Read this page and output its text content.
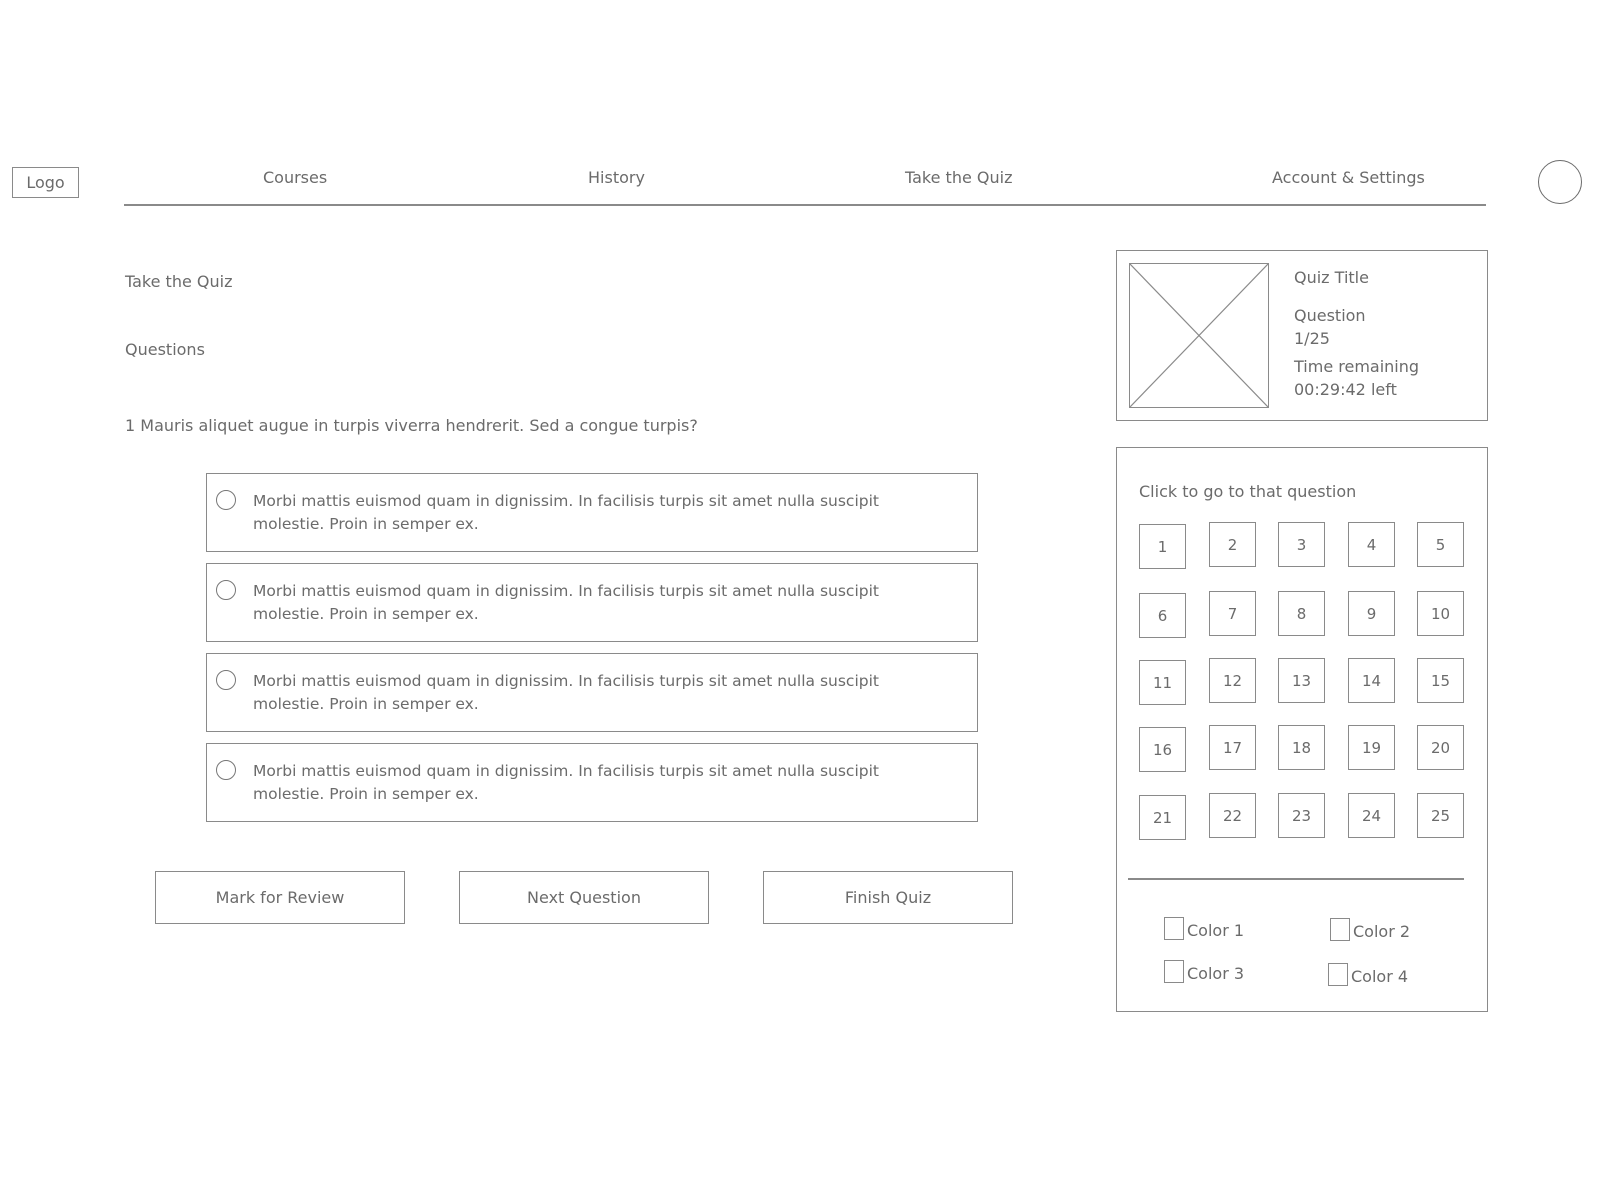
Logo	Courses	History	Take the Quiz	Account & Settings
Take the Quiz
Questions
1 Mauris aliquet augue in turpis viverra hendrerit. Sed a congue turpis?
Morbi mattis euismod quam in dignissim. In facilisis turpis sit amet nulla suscipit molestie. Proin in semper ex.
Morbi mattis euismod quam in dignissim. In facilisis turpis sit amet nulla suscipit molestie. Proin in semper ex.
Morbi mattis euismod quam in dignissim. In facilisis turpis sit amet nulla suscipit molestie. Proin in semper ex.
Morbi mattis euismod quam in dignissim. In facilisis turpis sit amet nulla suscipit molestie. Proin in semper ex.
Mark for Review	Next Question	Finish Quiz
Quiz Title
Question
1/25
Time remaining
00:29:42 left
Click to go to that question
1	2	3	4	5
6	7	8	9	10
11	12	13	14	15
16	17	18	19	20
21	22	23	24	25
Color 1	Color 2
Color 3	Color 4
